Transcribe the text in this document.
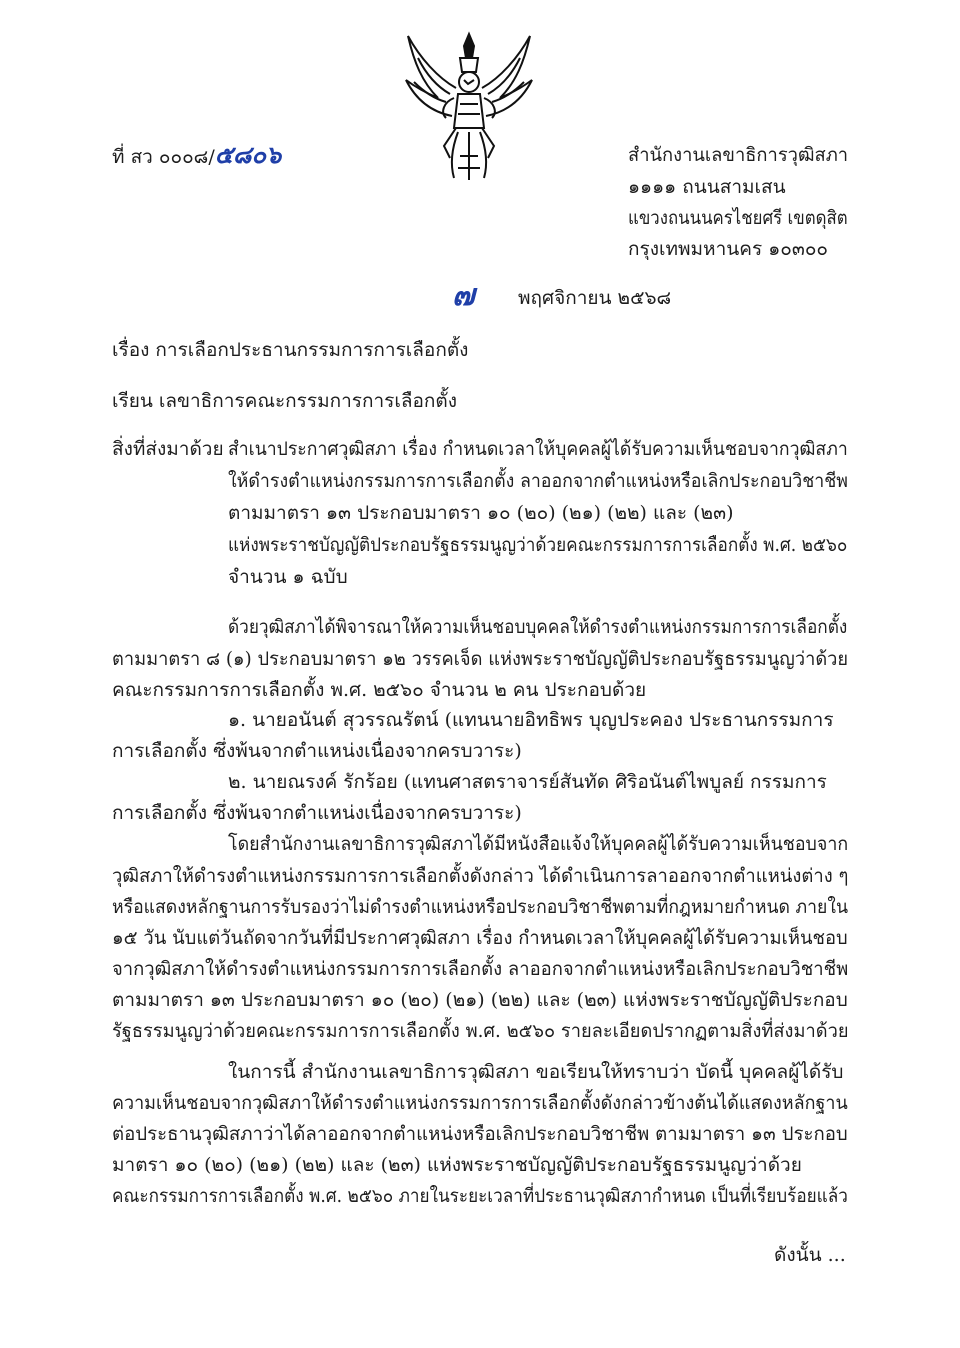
ที่ สว ๐๐๐๘/๕๘๐๖	สำนักงานเลขาธิการวุฒิสภา
๑๑๑๑ ถนนสามเสน
แขวงถนนนครไชยศรี เขตดุสิต
กรุงเทพมหานคร ๑๐๓๐๐
๗ พฤศจิกายน ๒๕๖๘
เรื่อง การเลือกประธานกรรมการการเลือกตั้ง
เรียน เลขาธิการคณะกรรมการการเลือกตั้ง
สิ่งที่ส่งมาด้วย สำเนาประกาศวุฒิสภา เรื่อง กำหนดเวลาให้บุคคลผู้ได้รับความเห็นชอบจากวุฒิสภา
ให้ดำรงตำแหน่งกรรมการการเลือกตั้ง ลาออกจากตำแหน่งหรือเลิกประกอบวิชาชีพ
ตามมาตรา ๑๓ ประกอบมาตรา ๑๐ (๒๐) (๒๑) (๒๒) และ (๒๓)
แห่งพระราชบัญญัติประกอบรัฐธรรมนูญว่าด้วยคณะกรรมการการเลือกตั้ง พ.ศ. ๒๕๖๐
จำนวน ๑ ฉบับ
ด้วยวุฒิสภาได้พิจารณาให้ความเห็นชอบบุคคลให้ดำรงตำแหน่งกรรมการการเลือกตั้ง
ตามมาตรา ๘ (๑) ประกอบมาตรา ๑๒ วรรคเจ็ด แห่งพระราชบัญญัติประกอบรัฐธรรมนูญว่าด้วย
คณะกรรมการการเลือกตั้ง พ.ศ. ๒๕๖๐ จำนวน ๒ คน ประกอบด้วย
๑. นายอนันต์ สุวรรณรัตน์ (แทนนายอิทธิพร บุญประคอง ประธานกรรมการ
การเลือกตั้ง ซึ่งพ้นจากตำแหน่งเนื่องจากครบวาระ)
๒. นายณรงค์ รักร้อย (แทนศาสตราจารย์สันทัด ศิริอนันต์ไพบูลย์ กรรมการ
การเลือกตั้ง ซึ่งพ้นจากตำแหน่งเนื่องจากครบวาระ)
โดยสำนักงานเลขาธิการวุฒิสภาได้มีหนังสือแจ้งให้บุคคลผู้ได้รับความเห็นชอบจาก
วุฒิสภาให้ดำรงตำแหน่งกรรมการการเลือกตั้งดังกล่าว ได้ดำเนินการลาออกจากตำแหน่งต่าง ๆ
หรือแสดงหลักฐานการรับรองว่าไม่ดำรงตำแหน่งหรือประกอบวิชาชีพตามที่กฎหมายกำหนด ภายใน
๑๕ วัน นับแต่วันถัดจากวันที่มีประกาศวุฒิสภา เรื่อง กำหนดเวลาให้บุคคลผู้ได้รับความเห็นชอบ
จากวุฒิสภาให้ดำรงตำแหน่งกรรมการการเลือกตั้ง ลาออกจากตำแหน่งหรือเลิกประกอบวิชาชีพ
ตามมาตรา ๑๓ ประกอบมาตรา ๑๐ (๒๐) (๒๑) (๒๒) และ (๒๓) แห่งพระราชบัญญัติประกอบ
รัฐธรรมนูญว่าด้วยคณะกรรมการการเลือกตั้ง พ.ศ. ๒๕๖๐ รายละเอียดปรากฏตามสิ่งที่ส่งมาด้วย
ในการนี้ สำนักงานเลขาธิการวุฒิสภา ขอเรียนให้ทราบว่า บัดนี้ บุคคลผู้ได้รับ
ความเห็นชอบจากวุฒิสภาให้ดำรงตำแหน่งกรรมการการเลือกตั้งดังกล่าวข้างต้นได้แสดงหลักฐาน
ต่อประธานวุฒิสภาว่าได้ลาออกจากตำแหน่งหรือเลิกประกอบวิชาชีพ ตามมาตรา ๑๓ ประกอบ
มาตรา ๑๐ (๒๐) (๒๑) (๒๒) และ (๒๓) แห่งพระราชบัญญัติประกอบรัฐธรรมนูญว่าด้วย
คณะกรรมการการเลือกตั้ง พ.ศ. ๒๕๖๐ ภายในระยะเวลาที่ประธานวุฒิสภากำหนด เป็นที่เรียบร้อยแล้ว
ดังนั้น ...
